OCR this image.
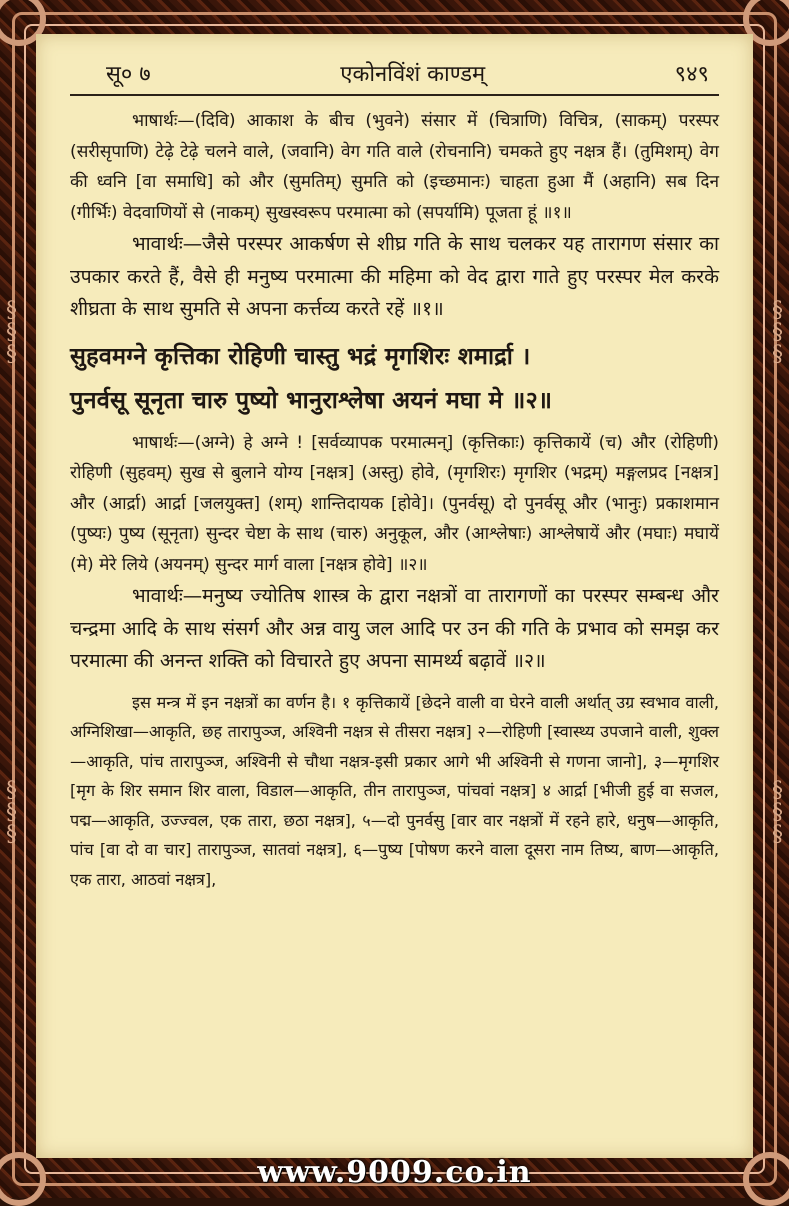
§
§
§
§
§
§
§
§
§
§
§
§
सू० ७	एकोनविंशं काण्डम्	९४९

भाषार्थः—(दिवि) आकाश के बीच (भुवने) संसार में (चित्राणि) विचित्र, (साकम्) परस्पर (सरीसृपाणि) टेढ़े टेढ़े चलने वाले, (जवानि) वेग गति वाले (रोचनानि) चमकते हुए नक्षत्र हैं। (तुमिशम्) वेग की ध्वनि [वा समाधि] को और (सुमतिम्) सुमति को (इच्छमानः) चाहता हुआ मैं (अहानि) सब दिन (गीर्भिः) वेदवाणियों से (नाकम्) सुखस्वरूप परमात्मा को (सपर्यामि) पूजता हूं ॥१॥

भावार्थः—जैसे परस्पर आकर्षण से शीघ्र गति के साथ चलकर यह तारागण संसार का उपकार करते हैं, वैसे ही मनुष्य परमात्मा की महिमा को वेद द्वारा गाते हुए परस्पर मेल करके शीघ्रता के साथ सुमति से अपना कर्त्तव्य करते रहें ॥१॥

सुहवमग्ने कृत्तिका रोहिणी चास्तु भद्रं मृगशिरः शमार्द्रा ।
पुनर्वसू सूनृता चारु पुष्यो भानुराश्लेषा अयनं मघा मे ॥२॥

भाषार्थः—(अग्ने) हे अग्ने ! [सर्वव्यापक परमात्मन्] (कृत्तिकाः) कृत्तिकायें (च) और (रोहिणी) रोहिणी (सुहवम्) सुख से बुलाने योग्य [नक्षत्र] (अस्तु) होवे, (मृगशिरः) मृगशिर (भद्रम्) मङ्गलप्रद [नक्षत्र] और (आर्द्रा) आर्द्रा [जलयुक्त] (शम्) शान्तिदायक [होवे]। (पुनर्वसू) दो पुनर्वसू और (भानुः) प्रकाशमान (पुष्यः) पुष्य (सूनृता) सुन्दर चेष्टा के साथ (चारु) अनुकूल, और (आश्लेषाः) आश्लेषायें और (मघाः) मघायें (मे) मेरे लिये (अयनम्) सुन्दर मार्ग वाला [नक्षत्र होवे] ॥२॥

भावार्थः—मनुष्य ज्योतिष शास्त्र के द्वारा नक्षत्रों वा तारागणों का परस्पर सम्बन्ध और चन्द्रमा आदि के साथ संसर्ग और अन्न वायु जल आदि पर उन की गति के प्रभाव को समझ कर परमात्मा की अनन्त शक्ति को विचारते हुए अपना सामर्थ्य बढ़ावें ॥२॥

इस मन्त्र में इन नक्षत्रों का वर्णन है। १ कृत्तिकायें [छेदने वाली वा घेरने वाली अर्थात् उग्र स्वभाव वाली, अग्निशिखा—आकृति, छह तारापुञ्ज, अश्विनी नक्षत्र से तीसरा नक्षत्र] २—रोहिणी [स्वास्थ्य उपजाने वाली, शुक्ल—आकृति, पांच तारापुञ्ज, अश्विनी से चौथा नक्षत्र-इसी प्रकार आगे भी अश्विनी से गणना जानो], ३—मृगशिर [मृग के शिर समान शिर वाला, विडाल—आकृति, तीन तारापुञ्ज, पांचवां नक्षत्र] ४ आर्द्रा [भीजी हुई वा सजल, पद्म—आकृति, उज्ज्वल, एक तारा, छठा नक्षत्र], ५—दो पुनर्वसु [वार वार नक्षत्रों में रहने हारे, धनुष—आकृति, पांच [वा दो वा चार] तारापुञ्ज, सातवां नक्षत्र], ६—पुष्य [पोषण करने वाला दूसरा नाम तिष्य, बाण—आकृति, एक तारा, आठवां नक्षत्र],

www.9009.co.in
